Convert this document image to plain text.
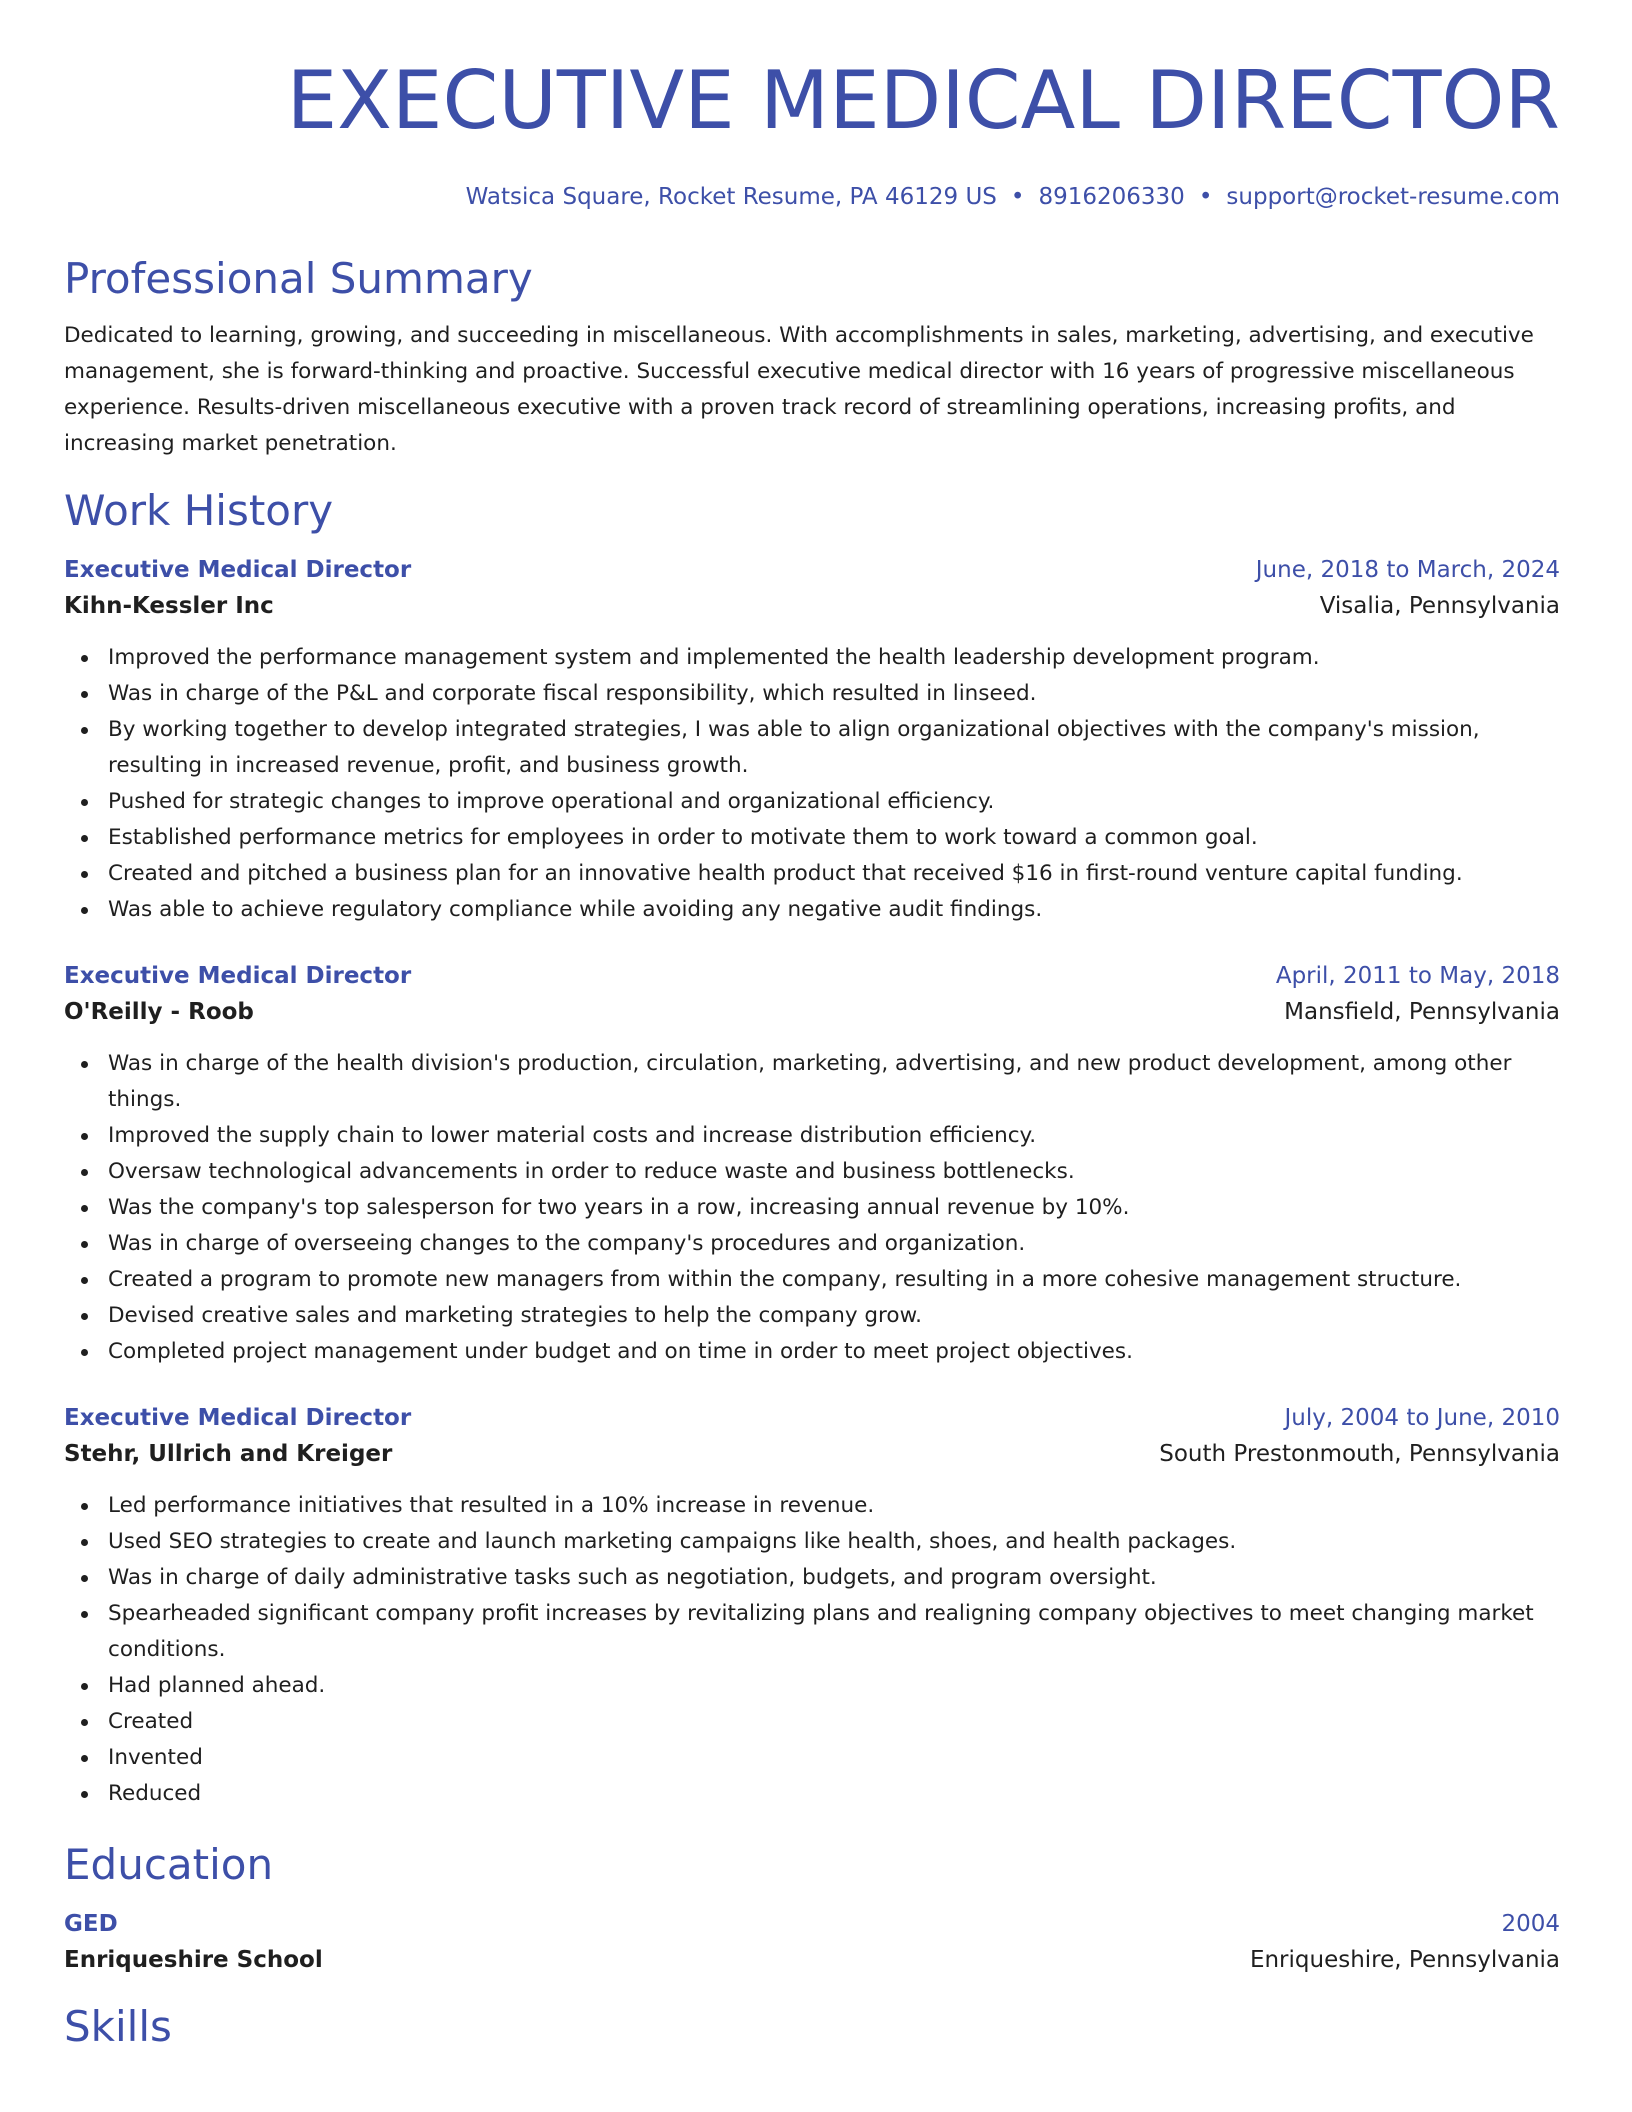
EXECUTIVE MEDICAL DIRECTOR
Watsica Square, Rocket Resume, PA 46129 US • 8916206330 • support@rocket-resume.com
Professional Summary
Dedicated to learning, growing, and succeeding in miscellaneous. With accomplishments in sales, marketing, advertising, and executive management, she is forward-thinking and proactive. Successful executive medical director with 16 years of progressive miscellaneous experience. Results-driven miscellaneous executive with a proven track record of streamlining operations, increasing profits, and increasing market penetration.
Work History
Executive Medical Director	June, 2018 to March, 2024
Kihn-Kessler Inc	Visalia, Pennsylvania
Improved the performance management system and implemented the health leadership development program.
Was in charge of the P&L and corporate fiscal responsibility, which resulted in linseed.
By working together to develop integrated strategies, I was able to align organizational objectives with the company's mission, resulting in increased revenue, profit, and business growth.
Pushed for strategic changes to improve operational and organizational efficiency.
Established performance metrics for employees in order to motivate them to work toward a common goal.
Created and pitched a business plan for an innovative health product that received $16 in first-round venture capital funding.
Was able to achieve regulatory compliance while avoiding any negative audit findings.
Executive Medical Director	April, 2011 to May, 2018
O'Reilly - Roob	Mansfield, Pennsylvania
Was in charge of the health division's production, circulation, marketing, advertising, and new product development, among other things.
Improved the supply chain to lower material costs and increase distribution efficiency.
Oversaw technological advancements in order to reduce waste and business bottlenecks.
Was the company's top salesperson for two years in a row, increasing annual revenue by 10%.
Was in charge of overseeing changes to the company's procedures and organization.
Created a program to promote new managers from within the company, resulting in a more cohesive management structure.
Devised creative sales and marketing strategies to help the company grow.
Completed project management under budget and on time in order to meet project objectives.
Executive Medical Director	July, 2004 to June, 2010
Stehr, Ullrich and Kreiger	South Prestonmouth, Pennsylvania
Led performance initiatives that resulted in a 10% increase in revenue.
Used SEO strategies to create and launch marketing campaigns like health, shoes, and health packages.
Was in charge of daily administrative tasks such as negotiation, budgets, and program oversight.
Spearheaded significant company profit increases by revitalizing plans and realigning company objectives to meet changing market conditions.
Had planned ahead.
Created
Invented
Reduced
Education
GED	2004
Enriqueshire School	Enriqueshire, Pennsylvania
Skills
